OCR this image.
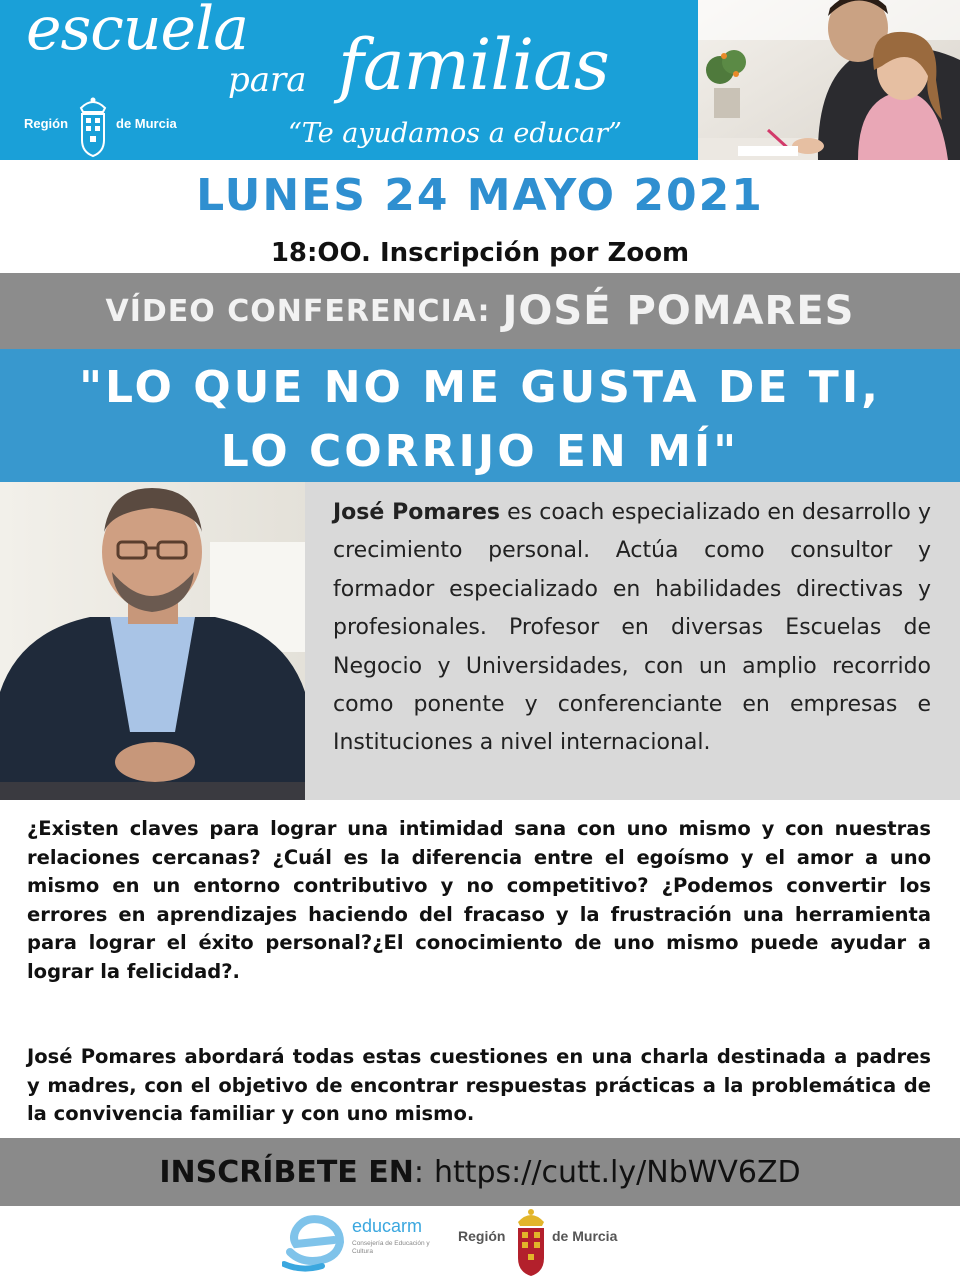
escuela
para familias
“Te ayudamos a educar”
Región	de Murcia
LUNES 24 MAYO 2021
18:OO. Inscripción por Zoom
VÍDEO CONFERENCIA: JOSÉ POMARES
"LO QUE NO ME GUSTA DE TI,
LO CORRIJO EN MÍ"
José Pomares es coach especializado en desarrollo y crecimiento personal. Actúa como consultor y formador especializado en habilidades directivas y profesionales. Profesor en diversas Escuelas de Negocio y Universidades, con un amplio recorrido como ponente y conferenciante en empresas e Instituciones a nivel internacional.
¿Existen claves para lograr una intimidad sana con uno mismo y con nuestras relaciones cercanas? ¿Cuál es la diferencia entre el egoísmo y el amor a uno mismo en un entorno contributivo y no competitivo? ¿Podemos convertir los errores en aprendizajes haciendo del fracaso y la frustración una herramienta para lograr el éxito personal?¿El conocimiento de uno mismo puede ayudar a lograr la felicidad?.
José Pomares abordará todas estas cuestiones en una charla destinada a padres y madres, con el objetivo de encontrar respuestas prácticas a la problemática de la convivencia familiar y con uno mismo.
INSCRÍBETE EN : https://cutt.ly/NbWV6ZD
educarm
Consejería de Educación y Cultura
Región	de Murcia
